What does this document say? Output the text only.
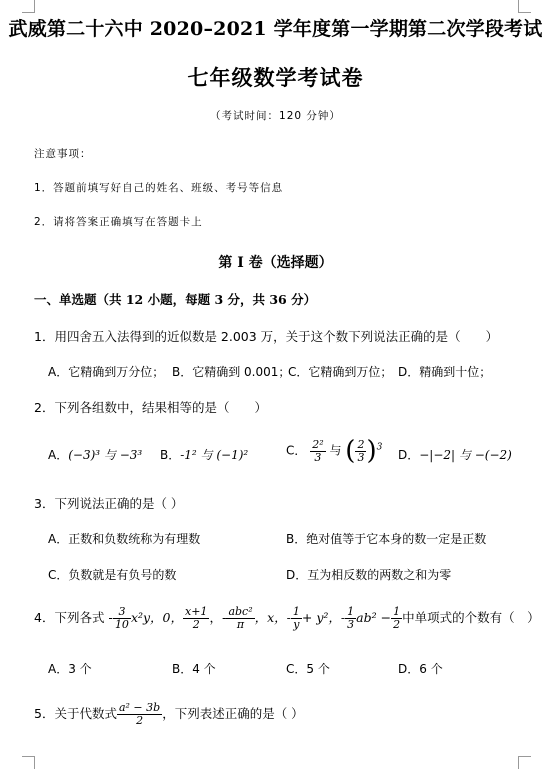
武威第二十六中 2020–2021 学年度第一学期第二次学段考试
七年级数学考试卷
（考试时间：120 分钟）
注意事项：
1．答题前填写好自己的姓名、班级、考号等信息
2．请将答案正确填写在答题卡上
第 I 卷（选择题）
一、单选题（共 12 小题，每题 3 分，共 36 分）
1．用四舍五入法得到的近似数是 2.003 万，关于这个数下列说法正确的是（　　）
A．它精确到万分位； B．它精确到 0.001；
C．它精确到万位； D．精确到十位；
2．下列各组数中，结果相等的是（　　）
A．(−3)³ 与 −3³ B．-1² 与 (−1)²	C． $\frac{\text{2²}}{3}$ 与 ( $\frac{2}{3} )^3$
D．−|−2| 与 −(−2)
3．下列说法正确的是（ ）
A．正数和负数统称为有理数	B．绝对值等于它本身的数一定是正数
C．负数就是有负号的数	D．互为相反数的两数之和为零
4．下列各式 - $\frac{3}{10} x^2y$，0， $\frac{x+1}{2}$ ，- $\frac{\text{abc²}}{\pi}$ ，x，- $\frac{1}{y} + y^2$，- $\frac{1}{3} ab^2 - \frac{1}{2}$ 中单项式的个数有（　）
A．3 个	B．4 个	C．5 个	D．6 个
5．关于代数式 $\frac{\text{a² − 3b}}{2}$ ，下列表述正确的是（ ）
